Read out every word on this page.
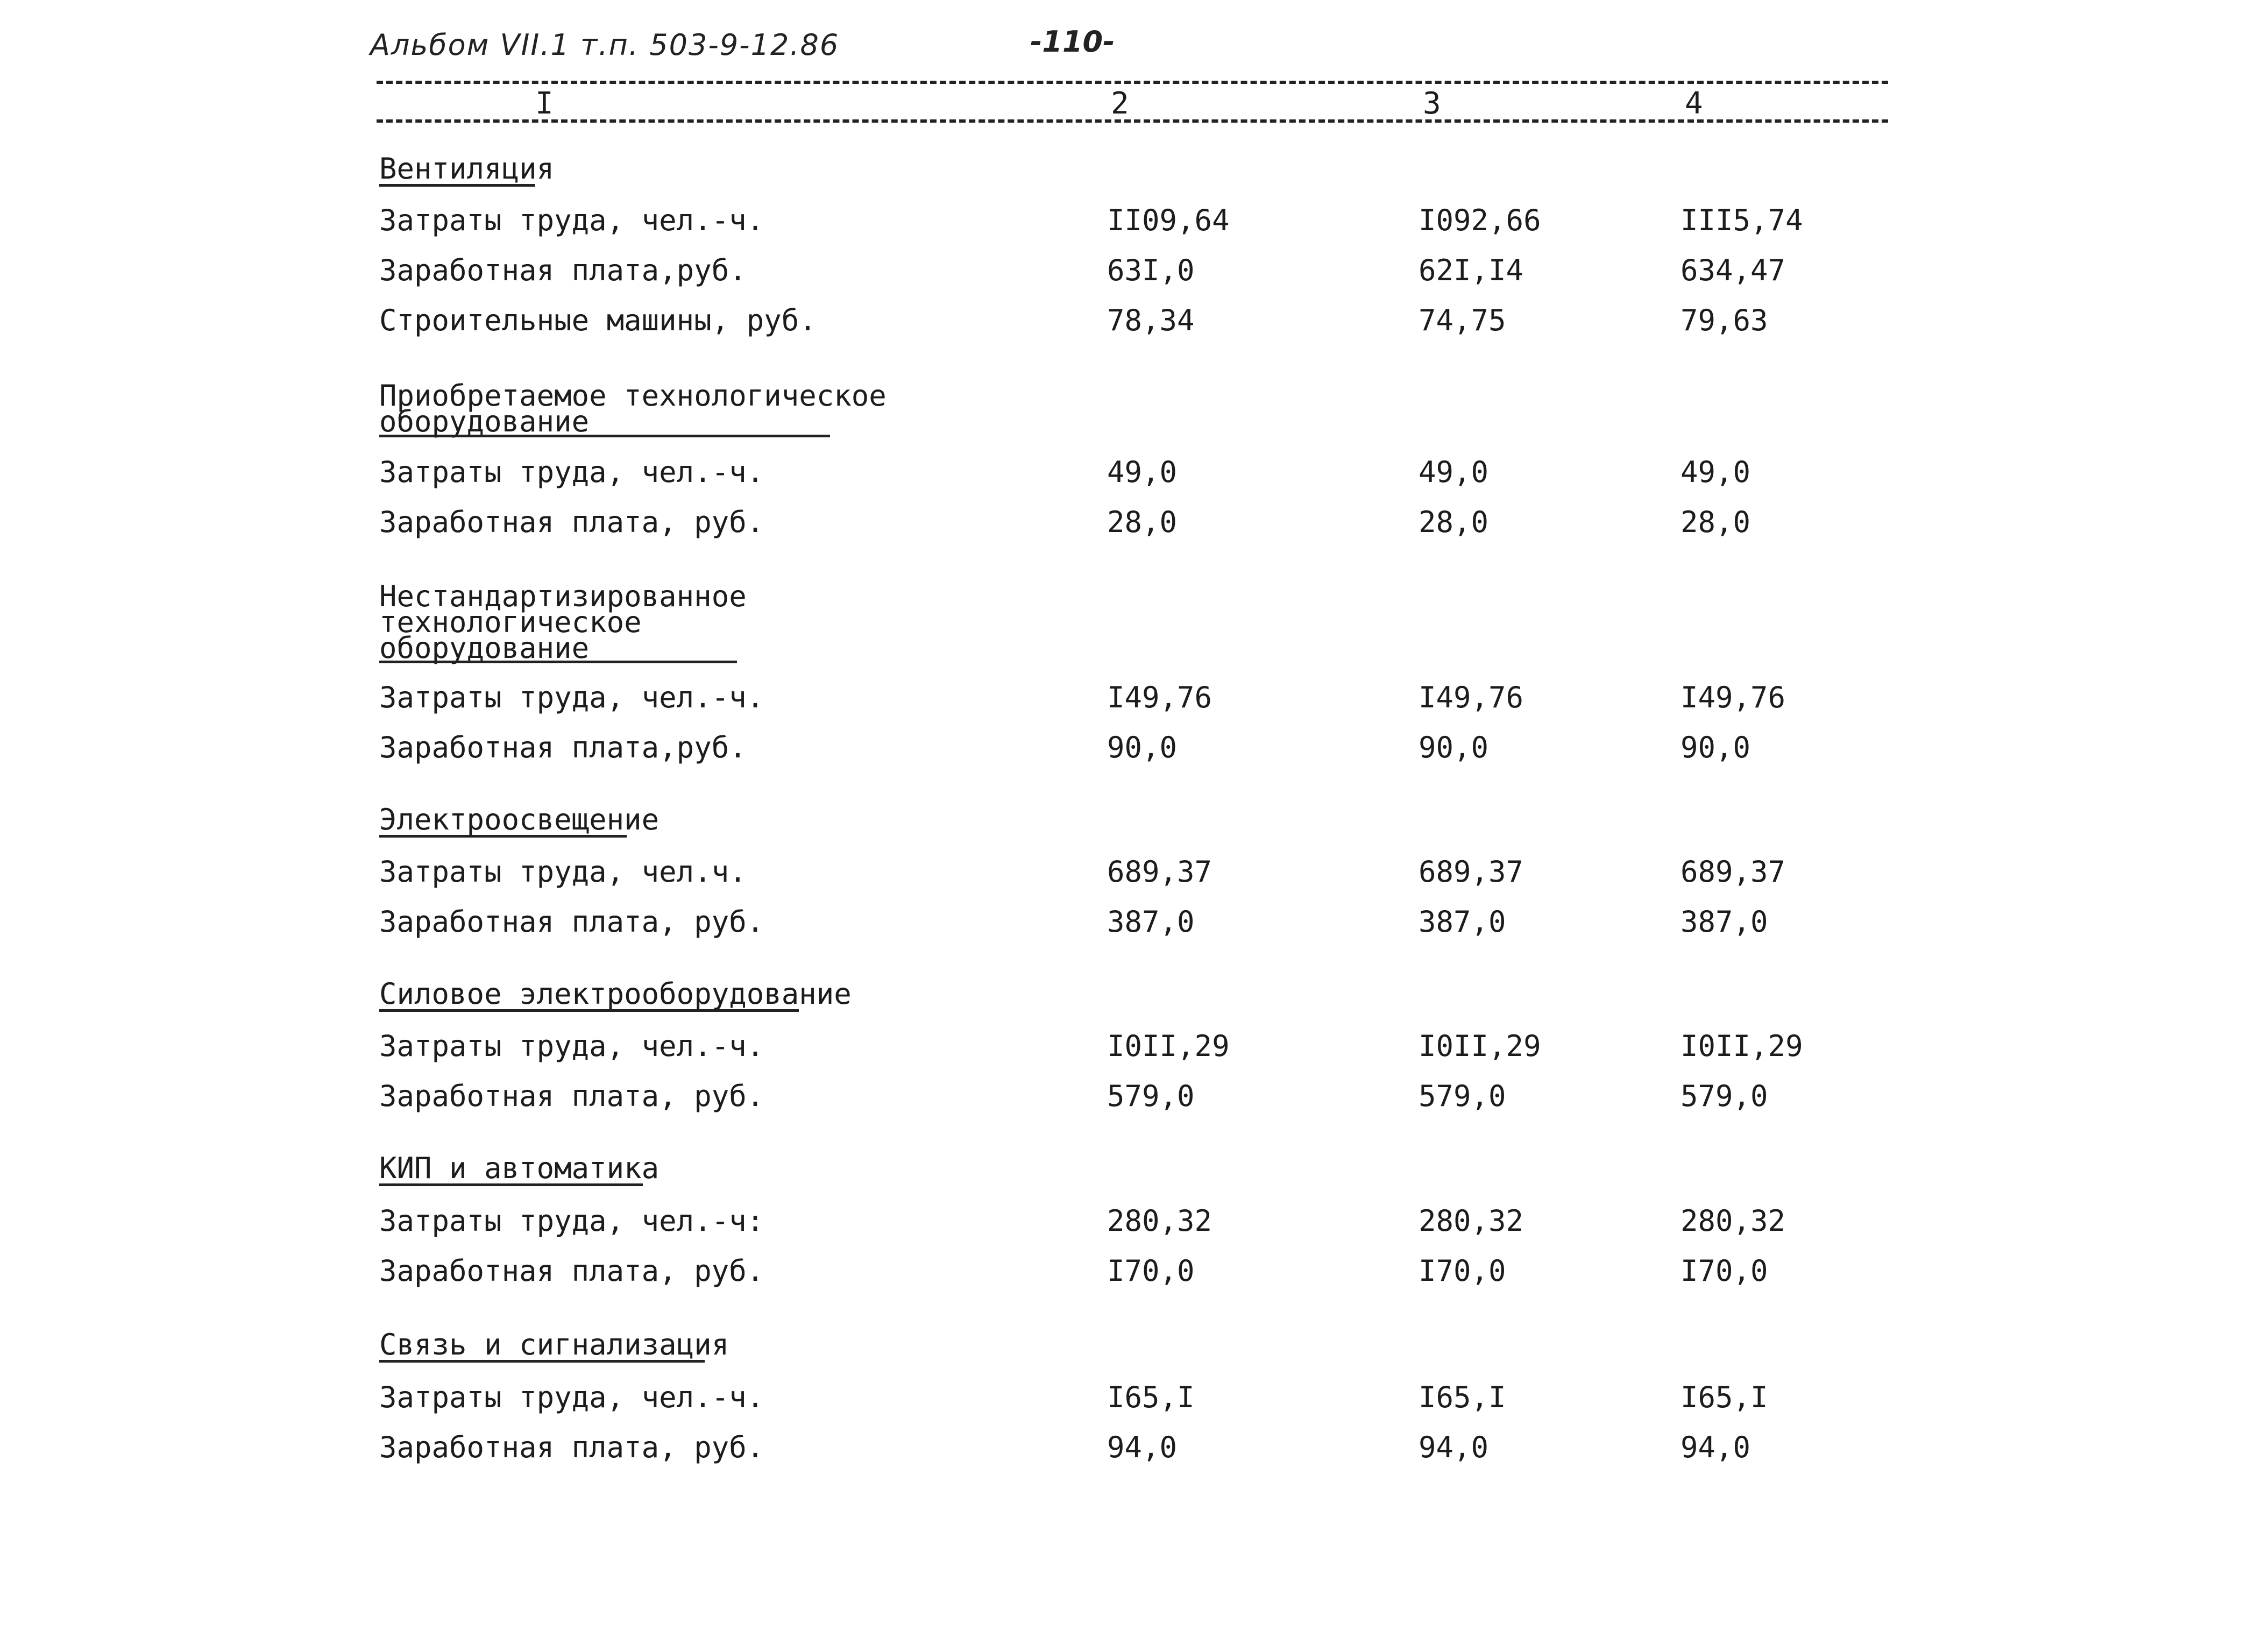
Альбом VII.1 т.п. 503-9-12.86	-110-
I	2	3	4
Вентиляция
Затраты труда, чел.-ч.	II09,64	I092,66	III5,74
Заработная плата,руб.	63I,0	62I,I4	634,47
Строительные машины, руб.	78,34	74,75	79,63
Приобретаемое технологическое
оборудование
Затраты труда, чел.-ч.	49,0	49,0	49,0
Заработная плата, руб.	28,0	28,0	28,0
Нестандартизированное
технологическое
оборудование
Затраты труда, чел.-ч.	I49,76	I49,76	I49,76
Заработная плата,руб.	90,0	90,0	90,0
Электроосвещение
Затраты труда, чел.ч.	689,37	689,37	689,37
Заработная плата, руб.	387,0	387,0	387,0
Силовое электрооборудование
Затраты труда, чел.-ч.	I0II,29	I0II,29	I0II,29
Заработная плата, руб.	579,0	579,0	579,0
КИП и автоматика
Затраты труда, чел.-ч:	280,32	280,32	280,32
Заработная плата, руб.	I70,0	I70,0	I70,0
Связь и сигнализация
Затраты труда, чел.-ч.	I65,I	I65,I	I65,I
Заработная плата, руб.	94,0	94,0	94,0
